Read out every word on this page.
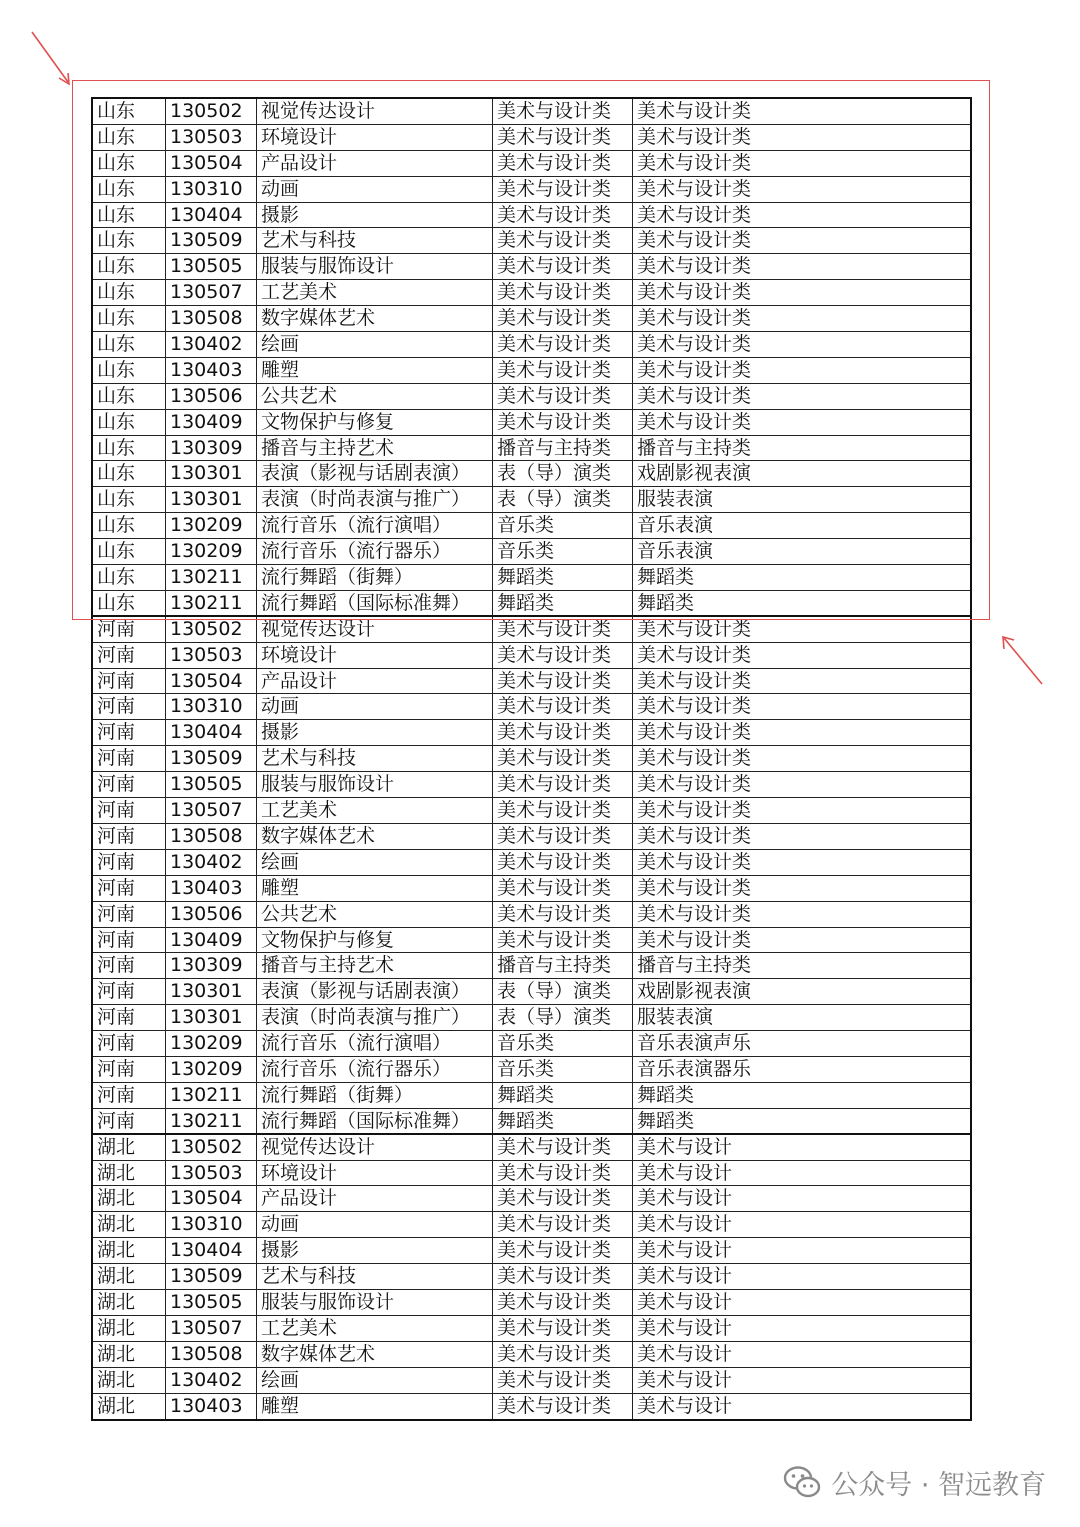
山东	130502 视觉传达设计	美术与设计类	美术与设计类
山东	130503 环境设计	美术与设计类	美术与设计类
山东	130504 产品设计	美术与设计类	美术与设计类
山东	130310 动画	美术与设计类	美术与设计类
山东	130404 摄影	美术与设计类	美术与设计类
山东	130509 艺术与科技	美术与设计类	美术与设计类
山东	130505 服装与服饰设计	美术与设计类	美术与设计类
山东	130507 工艺美术	美术与设计类	美术与设计类
山东	130508 数字媒体艺术	美术与设计类	美术与设计类
山东	130402 绘画	美术与设计类	美术与设计类
山东	130403 雕塑	美术与设计类	美术与设计类
山东	130506 公共艺术	美术与设计类	美术与设计类
山东	130409 文物保护与修复	美术与设计类	美术与设计类
山东	130309 播音与主持艺术	播音与主持类	播音与主持类
山东	130301 表演（影视与话剧表演）	表（导）演类	戏剧影视表演
山东	130301 表演（时尚表演与推广）	表（导）演类	服装表演
山东	130209 流行音乐（流行演唱）	音乐类	音乐表演
山东	130209 流行音乐（流行器乐）	音乐类	音乐表演
山东	130211 流行舞蹈（街舞）	舞蹈类	舞蹈类
山东	130211 流行舞蹈（国际标准舞）	舞蹈类	舞蹈类
河南	130502 视觉传达设计	美术与设计类	美术与设计类
河南	130503 环境设计	美术与设计类	美术与设计类
河南	130504 产品设计	美术与设计类	美术与设计类
河南	130310 动画	美术与设计类	美术与设计类
河南	130404 摄影	美术与设计类	美术与设计类
河南	130509 艺术与科技	美术与设计类	美术与设计类
河南	130505 服装与服饰设计	美术与设计类	美术与设计类
河南	130507 工艺美术	美术与设计类	美术与设计类
河南	130508 数字媒体艺术	美术与设计类	美术与设计类
河南	130402 绘画	美术与设计类	美术与设计类
河南	130403 雕塑	美术与设计类	美术与设计类
河南	130506 公共艺术	美术与设计类	美术与设计类
河南	130409 文物保护与修复	美术与设计类	美术与设计类
河南	130309 播音与主持艺术	播音与主持类	播音与主持类
河南	130301 表演（影视与话剧表演）	表（导）演类	戏剧影视表演
河南	130301 表演（时尚表演与推广）	表（导）演类	服装表演
河南	130209 流行音乐（流行演唱）	音乐类	音乐表演声乐
河南	130209 流行音乐（流行器乐）	音乐类	音乐表演器乐
河南	130211 流行舞蹈（街舞）	舞蹈类	舞蹈类
河南	130211 流行舞蹈（国际标准舞）	舞蹈类	舞蹈类
湖北	130502 视觉传达设计	美术与设计类	美术与设计
湖北	130503 环境设计	美术与设计类	美术与设计
湖北	130504 产品设计	美术与设计类	美术与设计
湖北	130310 动画	美术与设计类	美术与设计
湖北	130404 摄影	美术与设计类	美术与设计
湖北	130509 艺术与科技	美术与设计类	美术与设计
湖北	130505 服装与服饰设计	美术与设计类	美术与设计
湖北	130507 工艺美术	美术与设计类	美术与设计
湖北	130508 数字媒体艺术	美术与设计类	美术与设计
湖北	130402 绘画	美术与设计类	美术与设计
湖北	130403 雕塑	美术与设计类	美术与设计
公众号 · 智远教育
